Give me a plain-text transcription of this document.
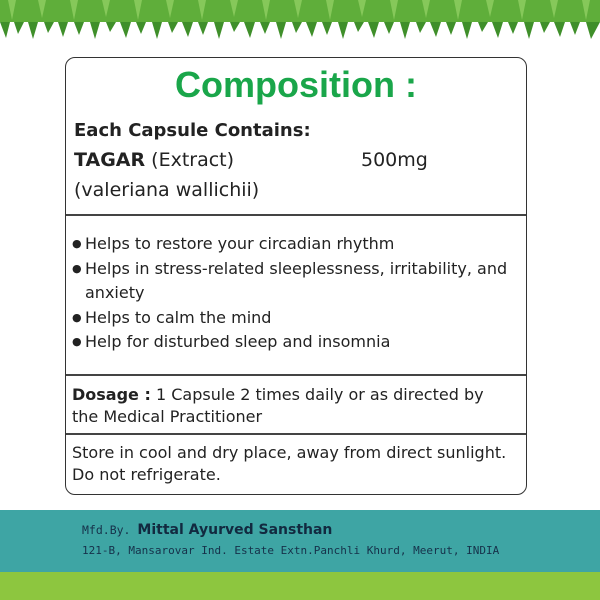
Composition :
Each Capsule Contains:
TAGAR (Extract)	500mg
(valeriana wallichii)
● Helps to restore your circadian rhythm
● Helps in stress-related sleeplessness, irritability, and
anxiety
● Helps to calm the mind
● Help for disturbed sleep and insomnia
Dosage : 1 Capsule 2 times daily or as directed by
the Medical Practitioner
Store in cool and dry place, away from direct sunlight.
Do not refrigerate.
Mfd.By. Mittal Ayurved Sansthan
121-B, Mansarovar Ind. Estate Extn.Panchli Khurd, Meerut, INDIA
